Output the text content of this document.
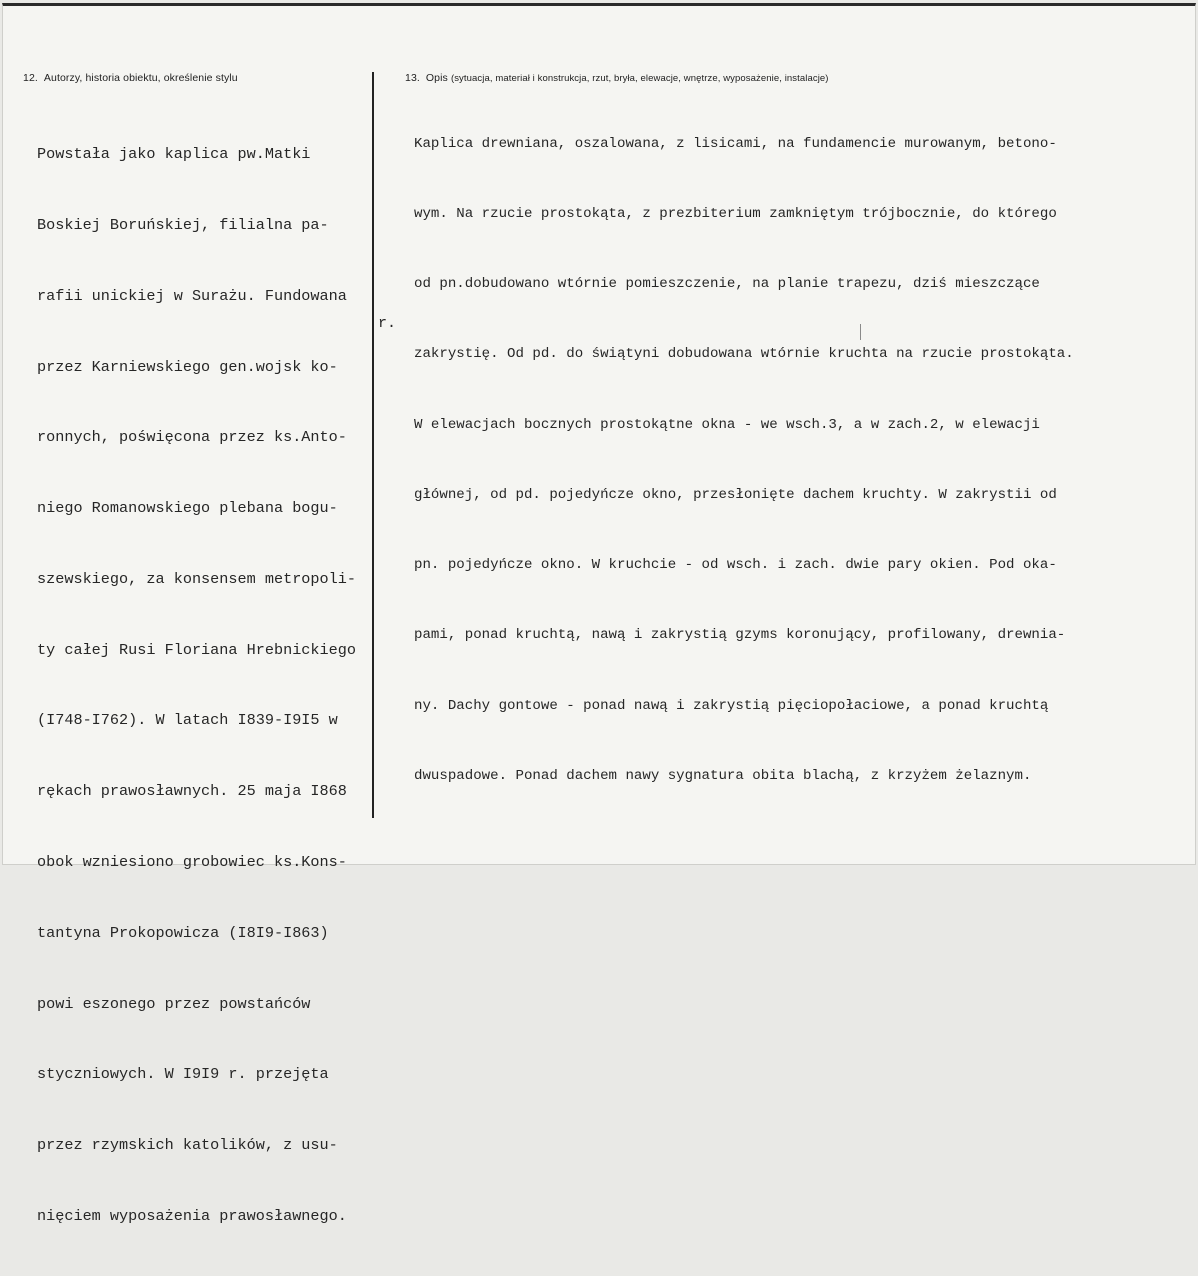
12. Autorzy, historia obiektu, określenie stylu	13. Opis (sytuacja, materiał i konstrukcja, rzut, bryła, elewacje, wnętrze, wyposażenie, instalacje)

Powstała jako kaplica pw.Matki

Boskiej Boruńskiej, filialna pa-

rafii unickiej w Surażu. Fundowana

przez Karniewskiego gen.wojsk ko-

ronnych, poświęcona przez ks.Anto-

niego Romanowskiego plebana bogu-

szewskiego, za konsensem metropoli-

ty całej Rusi Floriana Hrebnickiego

(I748-I762). W latach I839-I9I5 w

rękach prawosławnych. 25 maja I868

obok wzniesiono grobowiec ks.Kons-

tantyna Prokopowicza (I8I9-I863)

powi eszonego przez powstańców

styczniowych. W I9I9 r. przejęta

przez rzymskich katolików, z usu-

nięciem wyposażenia prawosławnego.

r.

Kaplica drewniana, oszalowana, z lisicami, na fundamencie murowanym, betono-

wym. Na rzucie prostokąta, z prezbiterium zamkniętym trójbocznie, do którego

od pn.dobudowano wtórnie pomieszczenie, na planie trapezu, dziś mieszczące

zakrystię. Od pd. do świątyni dobudowana wtórnie kruchta na rzucie prostokąta.

W elewacjach bocznych prostokątne okna - we wsch.3, a w zach.2, w elewacji

głównej, od pd. pojedyńcze okno, przesłonięte dachem kruchty. W zakrystii od

pn. pojedyńcze okno. W kruchcie - od wsch. i zach. dwie pary okien. Pod oka-

pami, ponad kruchtą, nawą i zakrystią gzyms koronujący, profilowany, drewnia-

ny. Dachy gontowe - ponad nawą i zakrystią pięciopołaciowe, a ponad kruchtą

dwuspadowe. Ponad dachem nawy sygnatura obita blachą, z krzyżem żelaznym.
